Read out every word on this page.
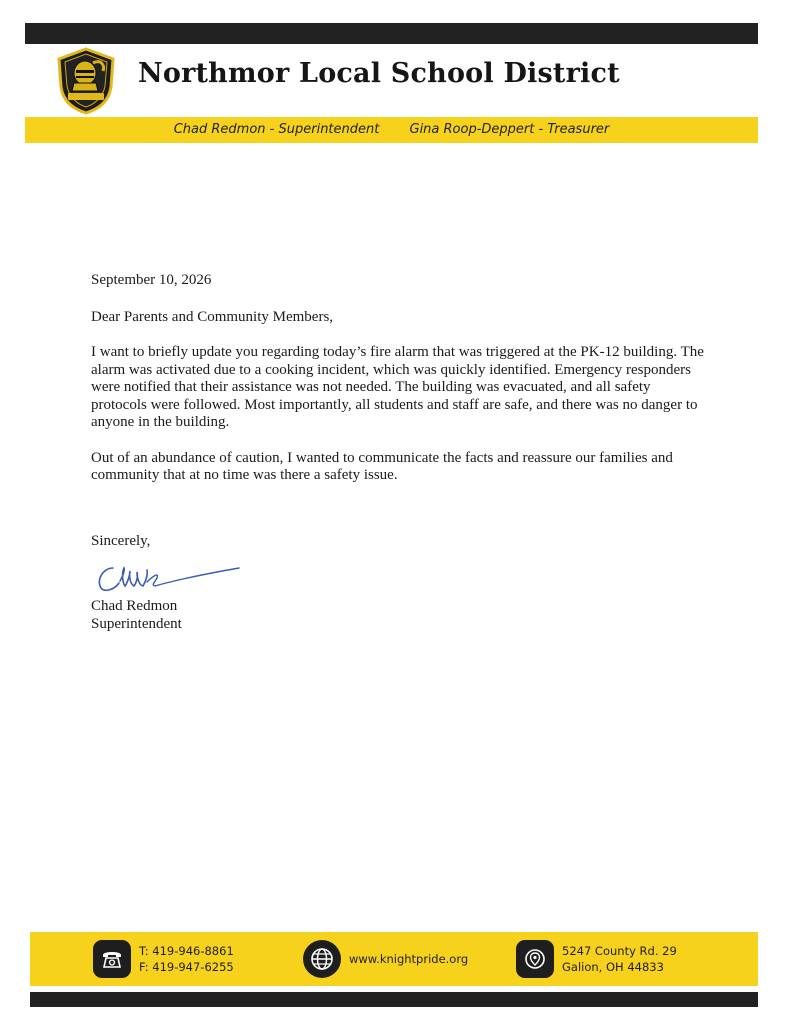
Northmor Local School District
Chad Redmon - Superintendent Gina Roop-Deppert - Treasurer

September 10, 2026

Dear Parents and Community Members,

I want to briefly update you regarding today’s fire alarm that was triggered at the PK-12 building. The alarm was activated due to a cooking incident, which was quickly identified. Emergency responders were notified that their assistance was not needed. The building was evacuated, and all safety protocols were followed. Most importantly, all students and staff are safe, and there was no danger to anyone in the building.

Out of an abundance of caution, I wanted to communicate the facts and reassure our families and community that at no time was there a safety issue.

Sincerely,

Chad Redmon

Superintendent

T: 419-946-8861
F: 419-947-6255
www.knightpride.org
5247 County Rd. 29
Galion, OH 44833
